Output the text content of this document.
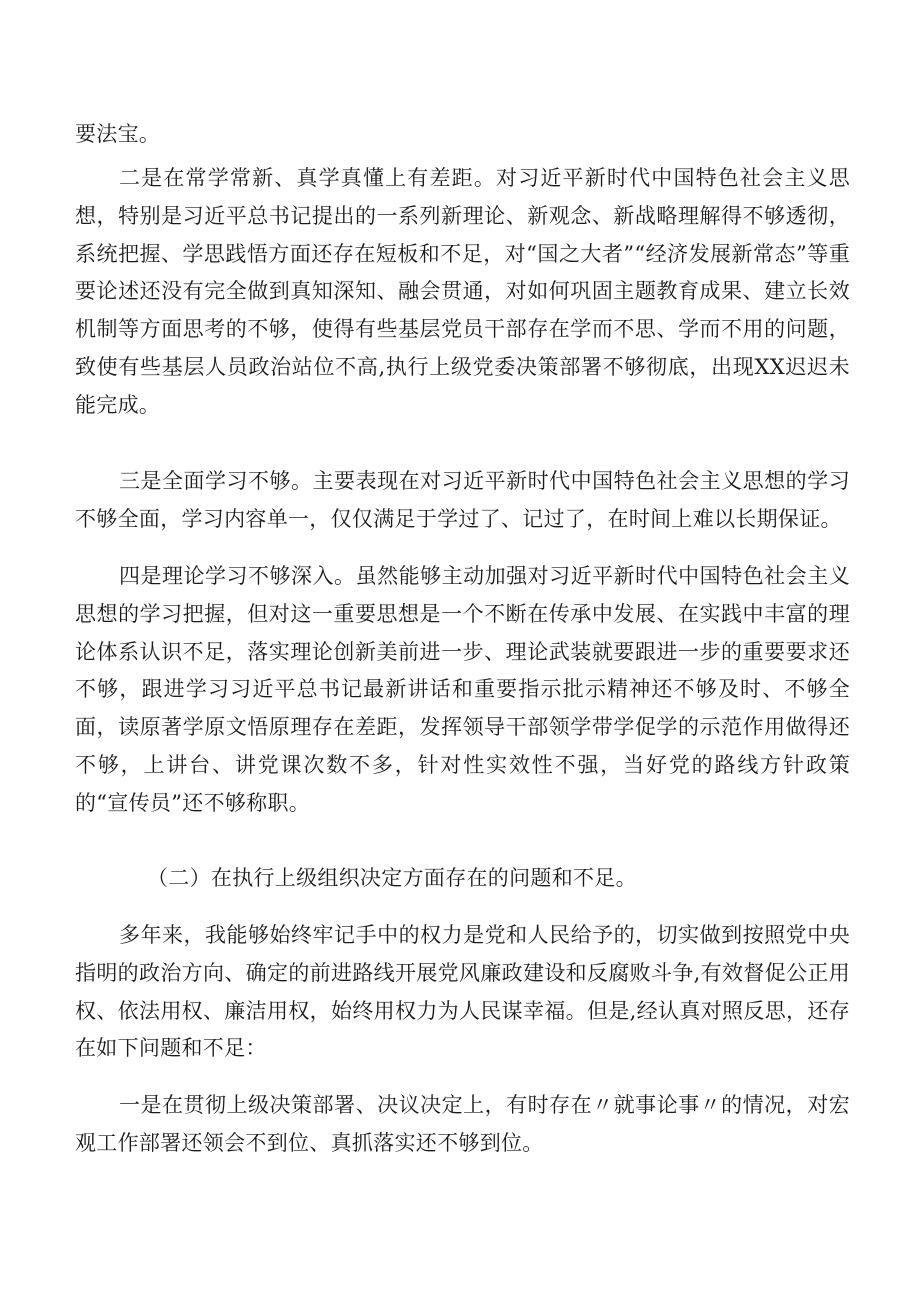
要法宝。

二是在常学常新、真学真懂上有差距。对习近平新时代中国特色社会主义思想，特别是习近平总书记提出的一系列新理论、新观念、新战略理解得不够透彻，系统把握、学思践悟方面还存在短板和不足，对“国之大者”“经济发展新常态”等重要论述还没有完全做到真知深知、融会贯通，对如何巩固主题教育成果、建立长效机制等方面思考的不够，使得有些基层党员干部存在学而不思、学而不用的问题，致使有些基层人员政治站位不高,执行上级党委决策部署不够彻底，出现XX迟迟未能完成。

三是全面学习不够。主要表现在对习近平新时代中国特色社会主义思想的学习不够全面，学习内容单一，仅仅满足于学过了、记过了，在时间上难以长期保证。

四是理论学习不够深入。虽然能够主动加强对习近平新时代中国特色社会主义思想的学习把握，但对这一重要思想是一个不断在传承中发展、在实践中丰富的理论体系认识不足，落实理论创新美前进一步、理论武装就要跟进一步的重要要求还不够，跟进学习习近平总书记最新讲话和重要指示批示精神还不够及时、不够全面，读原著学原文悟原理存在差距，发挥领导干部领学带学促学的示范作用做得还不够，上讲台、讲党课次数不多，针对性实效性不强，当好党的路线方针政策的“宣传员”还不够称职。

（二）在执行上级组织决定方面存在的问题和不足。

多年来，我能够始终牢记手中的权力是党和人民给予的，切实做到按照党中央指明的政治方向、确定的前进路线开展党风廉政建设和反腐败斗争,有效督促公正用权、依法用权、廉洁用权，始终用权力为人民谋幸福。但是,经认真对照反思，还存在如下问题和不足：

一是在贯彻上级决策部署、决议决定上，有时存在〃就事论事〃的情况，对宏观工作部署还领会不到位、真抓落实还不够到位。
